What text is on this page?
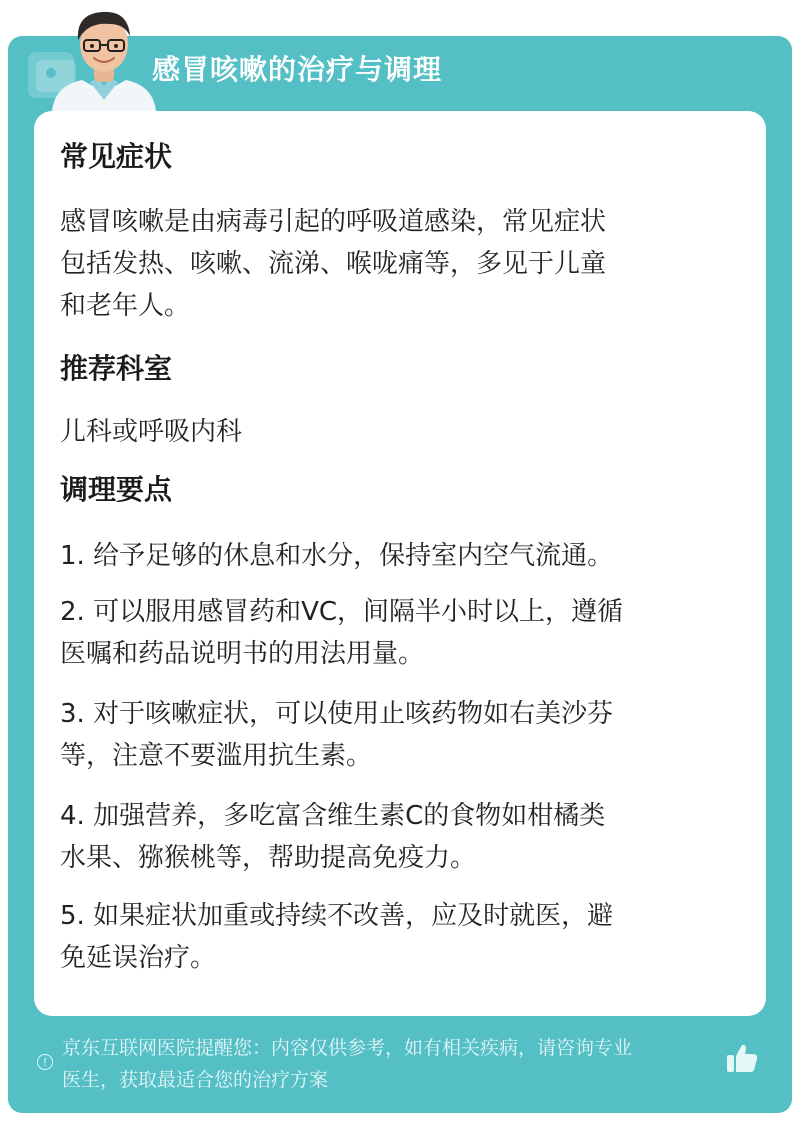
感冒咳嗽的治疗与调理
常见症状
感冒咳嗽是由病毒引起的呼吸道感染，常见症状
包括发热、咳嗽、流涕、喉咙痛等，多见于儿童
和老年人。
推荐科室
儿科或呼吸内科
调理要点
1. 给予足够的休息和水分，保持室内空气流通。
2. 可以服用感冒药和VC，间隔半小时以上，遵循
医嘱和药品说明书的用法用量。
3. 对于咳嗽症状，可以使用止咳药物如右美沙芬
等，注意不要滥用抗生素。
4. 加强营养，多吃富含维生素C的食物如柑橘类
水果、猕猴桃等，帮助提高免疫力。
5. 如果症状加重或持续不改善，应及时就医，避
免延误治疗。
!
京东互联网医院提醒您：内容仅供参考，如有相关疾病，请咨询专业
医生，获取最适合您的治疗方案
